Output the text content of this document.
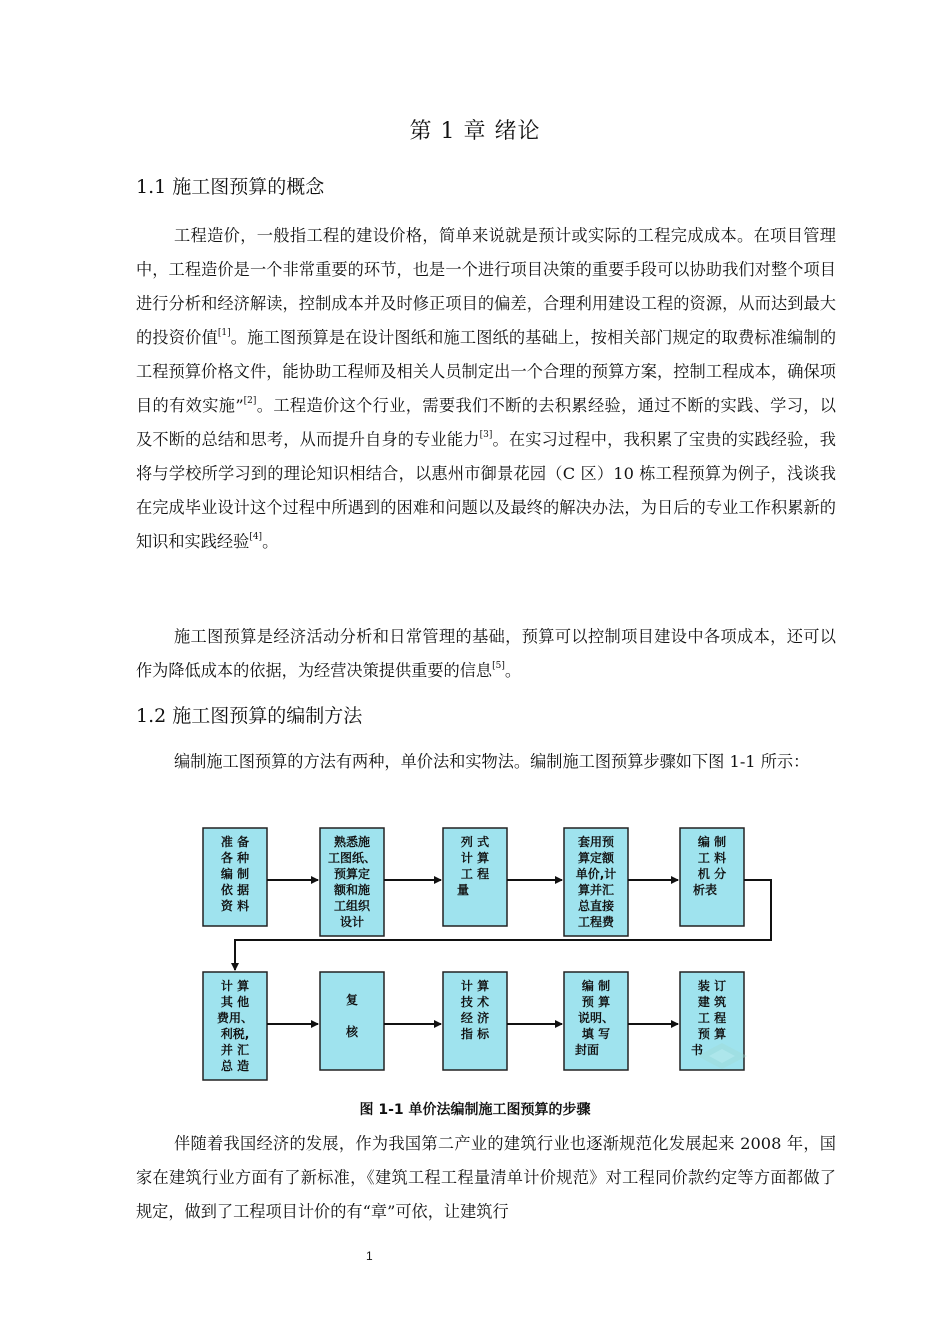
第 1 章 绪论
1.1 施工图预算的概念

工程造价，一般指工程的建设价格，简单来说就是预计或实际的工程完成成本。在项目管理中，工程造价是一个非常重要的环节，也是一个进行项目决策的重要手段可以协助我们对整个项目进行分析和经济解读，控制成本并及时修正项目的偏差，合理利用建设工程的资源，从而达到最大的投资价值[1]。施工图预算是在设计图纸和施工图纸的基础上，按相关部门规定的取费标准编制的工程预算价格文件，能协助工程师及相关人员制定出一个合理的预算方案，控制工程成本，确保项目的有效实施”[2]。工程造价这个行业，需要我们不断的去积累经验，通过不断的实践、学习，以及不断的总结和思考，从而提升自身的专业能力[3]。在实习过程中，我积累了宝贵的实践经验，我将与学校所学习到的理论知识相结合，以惠州市御景花园（C 区）10 栋工程预算为例子，浅谈我在完成毕业设计这个过程中所遇到的困难和问题以及最终的解决办法，为日后的专业工作积累新的知识和实践经验[4]。

施工图预算是经济活动分析和日常管理的基础，预算可以控制项目建设中各项成本，还可以作为降低成本的依据，为经营决策提供重要的信息[5]。

1.2 施工图预算的编制方法

编制施工图预算的方法有两种，单价法和实物法。编制施工图预算步骤如下图 1-1 所示：

准 备
各 种
编 制
依 据
资 料
熟悉施
工图纸、
预算定
额和施
工组织
设计
列 式
计 算
工 程
量
套用预
算定额
单价,计
算并汇
总直接
工程费
编 制
工 料
机 分
析表
计 算
其 他
费用、
利税,
并 汇
总 造
复
核
计 算
技 术
经 济
指 标
编 制
预 算
说明、
填 写
封面
装 订
建 筑
工 程
预 算
书
图 1-1 单价法编制施工图预算的步骤

伴随着我国经济的发展，作为我国第二产业的建筑行业也逐渐规范化发展起来 2008 年，国家在建筑行业方面有了新标准，《建筑工程工程量清单计价规范》对工程同价款约定等方面都做了规定，做到了工程项目计价的有“章”可依，让建筑行

1
